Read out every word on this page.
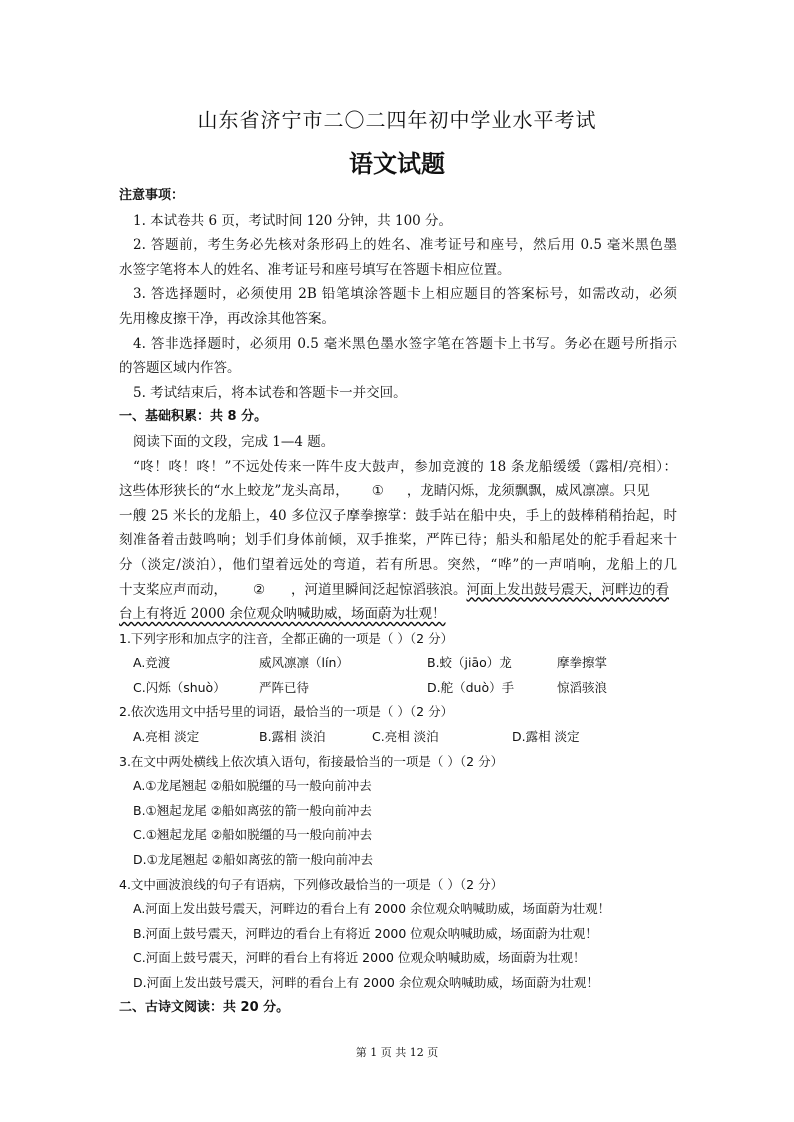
山东省济宁市二〇二四年初中学业水平考试
语文试题
注意事项：
1. 本试卷共 6 页，考试时间 120 分钟，共 100 分。
2. 答题前，考生务必先核对条形码上的姓名、准考证号和座号，然后用 0.5 毫米黑色墨
水签字笔将本人的姓名、准考证号和座号填写在答题卡相应位置。
3. 答选择题时，必须使用 2B 铅笔填涂答题卡上相应题目的答案标号，如需改动，必须
先用橡皮擦干净，再改涂其他答案。
4. 答非选择题时，必须用 0.5 毫米黑色墨水签字笔在答题卡上书写。务必在题号所指示
的答题区域内作答。
5. 考试结束后，将本试卷和答题卡一并交回。
一、基础积累：共 8 分。
阅读下面的文段，完成 1—4 题。
“咚！咚！咚！”不远处传来一阵牛皮大鼓声，参加竞渡的 18 条龙船缓缓（露相/亮相）：
这些体形狭长的“水上蛟龙”龙头高昂， ① ，龙睛闪烁，龙须飘飘，威风凛凛。只见
一艘 25 米长的龙船上，40 多位汉子摩拳擦掌：鼓手站在船中央，手上的鼓棒稍稍抬起，时
刻准备着击鼓鸣响；划手们身体前倾，双手推桨，严阵已待；船头和船尾处的舵手看起来十
分（淡定/淡泊），他们望着远处的弯道，若有所思。突然，“哗”的一声哨响，龙船上的几
十支桨应声而动， ② ，河道里瞬间泛起惊滔骇浪。河面上发出鼓号震天，河畔边的看
台上有将近 2000 余位观众呐喊助威，场面蔚为壮观！
1.下列字形和加点字的注音，全都正确的一项是（ ）（2 分）
A.竞渡	威风凛凛（lín）	B.蛟（jiāo）龙	摩拳擦掌
C.闪烁（shuò）	严阵已待	D.舵（duò）手	惊滔骇浪
2.依次选用文中括号里的词语，最恰当的一项是（ ）（2 分）
A.亮相 淡定	B.露相 淡泊	C.亮相 淡泊	D.露相 淡定
3.在文中两处横线上依次填入语句，衔接最恰当的一项是（ ）（2 分）
A.①龙尾翘起 ②船如脱缰的马一般向前冲去
B.①翘起龙尾 ②船如离弦的箭一般向前冲去
C.①翘起龙尾 ②船如脱缰的马一般向前冲去
D.①龙尾翘起 ②船如离弦的箭一般向前冲去
4.文中画波浪线的句子有语病，下列修改最恰当的一项是（ ）（2 分）
A.河面上发出鼓号震天，河畔边的看台上有 2000 余位观众呐喊助威，场面蔚为壮观！
B.河面上鼓号震天，河畔边的看台上有将近 2000 位观众呐喊助威，场面蔚为壮观！
C.河面上鼓号震天，河畔的看台上有将近 2000 位观众呐喊助威，场面蔚为壮观！
D.河面上发出鼓号震天，河畔的看台上有 2000 余位观众呐喊助威，场面蔚为壮观！
二、古诗文阅读：共 20 分。
第 1 页 共 12 页
